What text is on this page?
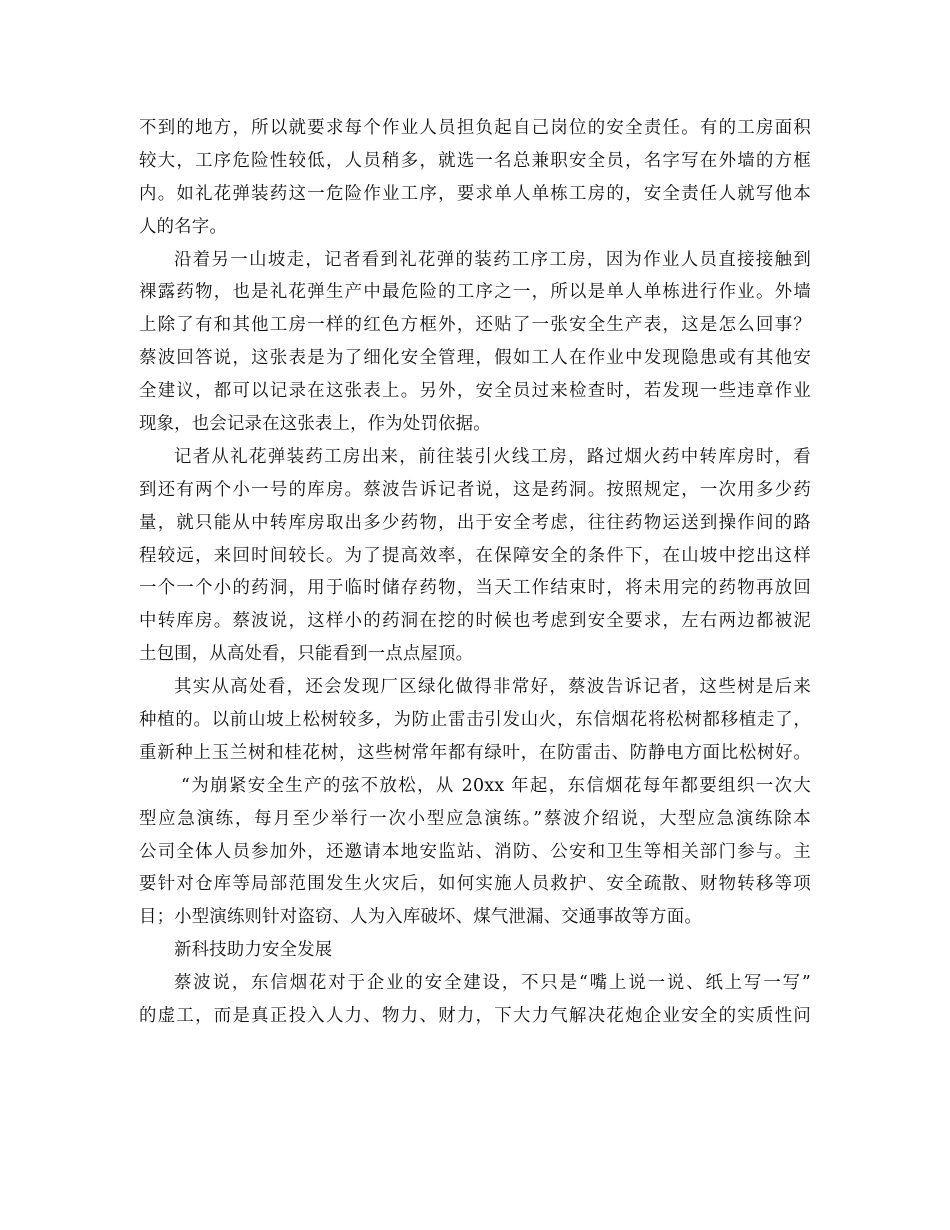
不到的地方，所以就要求每个作业人员担负起自己岗位的安全责任。有的工房面积
较大，工序危险性较低，人员稍多，就选一名总兼职安全员，名字写在外墙的方框
内。如礼花弹装药这一危险作业工序，要求单人单栋工房的，安全责任人就写他本
人的名字。
沿着另一山坡走，记者看到礼花弹的装药工序工房，因为作业人员直接接触到
裸露药物，也是礼花弹生产中最危险的工序之一，所以是单人单栋进行作业。外墙
上除了有和其他工房一样的红色方框外，还贴了一张安全生产表，这是怎么回事？
蔡波回答说，这张表是为了细化安全管理，假如工人在作业中发现隐患或有其他安
全建议，都可以记录在这张表上。另外，安全员过来检查时，若发现一些违章作业
现象，也会记录在这张表上，作为处罚依据。
记者从礼花弹装药工房出来，前往装引火线工房，路过烟火药中转库房时，看
到还有两个小一号的库房。蔡波告诉记者说，这是药洞。按照规定，一次用多少药
量，就只能从中转库房取出多少药物，出于安全考虑，往往药物运送到操作间的路
程较远，来回时间较长。为了提高效率，在保障安全的条件下，在山坡中挖出这样
一个一个小的药洞，用于临时储存药物，当天工作结束时，将未用完的药物再放回
中转库房。蔡波说，这样小的药洞在挖的时候也考虑到安全要求，左右两边都被泥
土包围，从高处看，只能看到一点点屋顶。
其实从高处看，还会发现厂区绿化做得非常好，蔡波告诉记者，这些树是后来
种植的。以前山坡上松树较多，为防止雷击引发山火，东信烟花将松树都移植走了，
重新种上玉兰树和桂花树，这些树常年都有绿叶，在防雷击、防静电方面比松树好。
“为崩紧安全生产的弦不放松，从 20xx 年起，东信烟花每年都要组织一次大
型应急演练，每月至少举行一次小型应急演练。”蔡波介绍说，大型应急演练除本
公司全体人员参加外，还邀请本地安监站、消防、公安和卫生等相关部门参与。主
要针对仓库等局部范围发生火灾后，如何实施人员救护、安全疏散、财物转移等项
目；小型演练则针对盗窃、人为入库破坏、煤气泄漏、交通事故等方面。
新科技助力安全发展
蔡波说，东信烟花对于企业的安全建设，不只是“嘴上说一说、纸上写一写”
的虚工，而是真正投入人力、物力、财力，下大力气解决花炮企业安全的实质性问
